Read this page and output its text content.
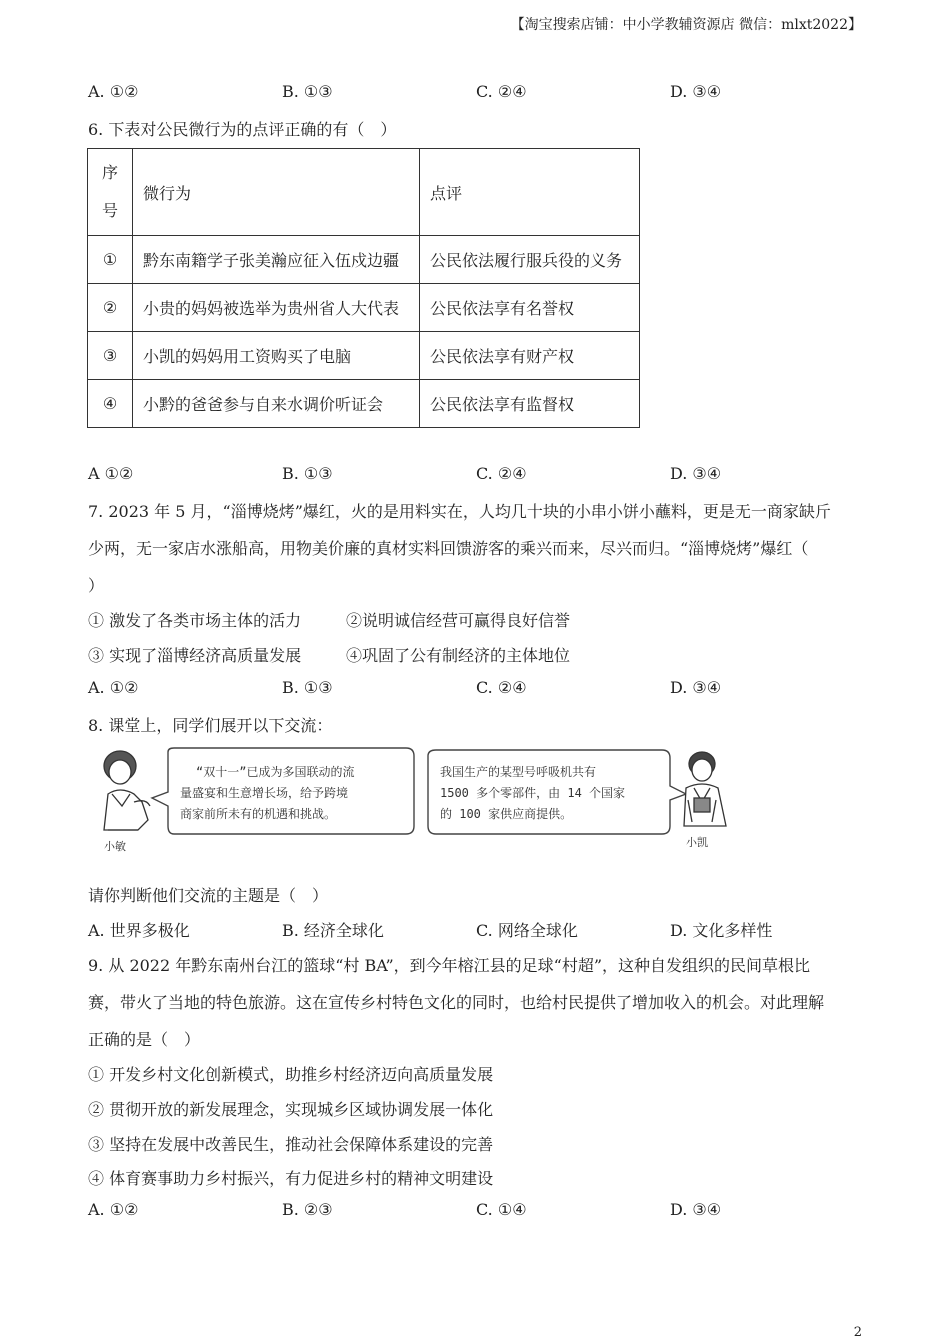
【淘宝搜索店铺：中小学教辅资源店 微信：mlxt2022】
A. ①②	B. ①③	C. ②④	D. ③④
6. 下表对公民微行为的点评正确的有（　）
序
号	微行为	点评
①	黔东南籍学子张美瀚应征入伍戍边疆	公民依法履行服兵役的义务
②	小贵的妈妈被选举为贵州省人大代表	公民依法享有名誉权
③	小凯的妈妈用工资购买了电脑	公民依法享有财产权
④	小黔的爸爸参与自来水调价听证会	公民依法享有监督权
A ①②	B. ①③	C. ②④	D. ③④
7. 2023 年 5 月，“淄博烧烤”爆红，火的是用料实在，人均几十块的小串小饼小蘸料，更是无一商家缺斤
少两，无一家店水涨船高，用物美价廉的真材实料回馈游客的乘兴而来，尽兴而归。“淄博烧烤”爆红（
）
① 激发了各类市场主体的活力	②说明诚信经营可赢得良好信誉
③ 实现了淄博经济高质量发展	④巩固了公有制经济的主体地位
A. ①②	B. ①③	C. ②④	D. ③④
8. 课堂上，同学们展开以下交流：
小敏
“双十一”已成为多国联动的流
量盛宴和生意增长场，给予跨境
商家前所未有的机遇和挑战。
我国生产的某型号呼吸机共有
1500 多个零部件，由 14 个国家
的 100 家供应商提供。
小凯
请你判断他们交流的主题是（　）
A. 世界多极化	B. 经济全球化	C. 网络全球化	D. 文化多样性
9. 从 2022 年黔东南州台江的篮球“村 BA”，到今年榕江县的足球“村超”，这种自发组织的民间草根比
赛，带火了当地的特色旅游。这在宣传乡村特色文化的同时，也给村民提供了增加收入的机会。对此理解
正确的是（　）
① 开发乡村文化创新模式，助推乡村经济迈向高质量发展
② 贯彻开放的新发展理念，实现城乡区域协调发展一体化
③ 坚持在发展中改善民生，推动社会保障体系建设的完善
④ 体育赛事助力乡村振兴，有力促进乡村的精神文明建设
A. ①②	B. ②③	C. ①④	D. ③④
2
